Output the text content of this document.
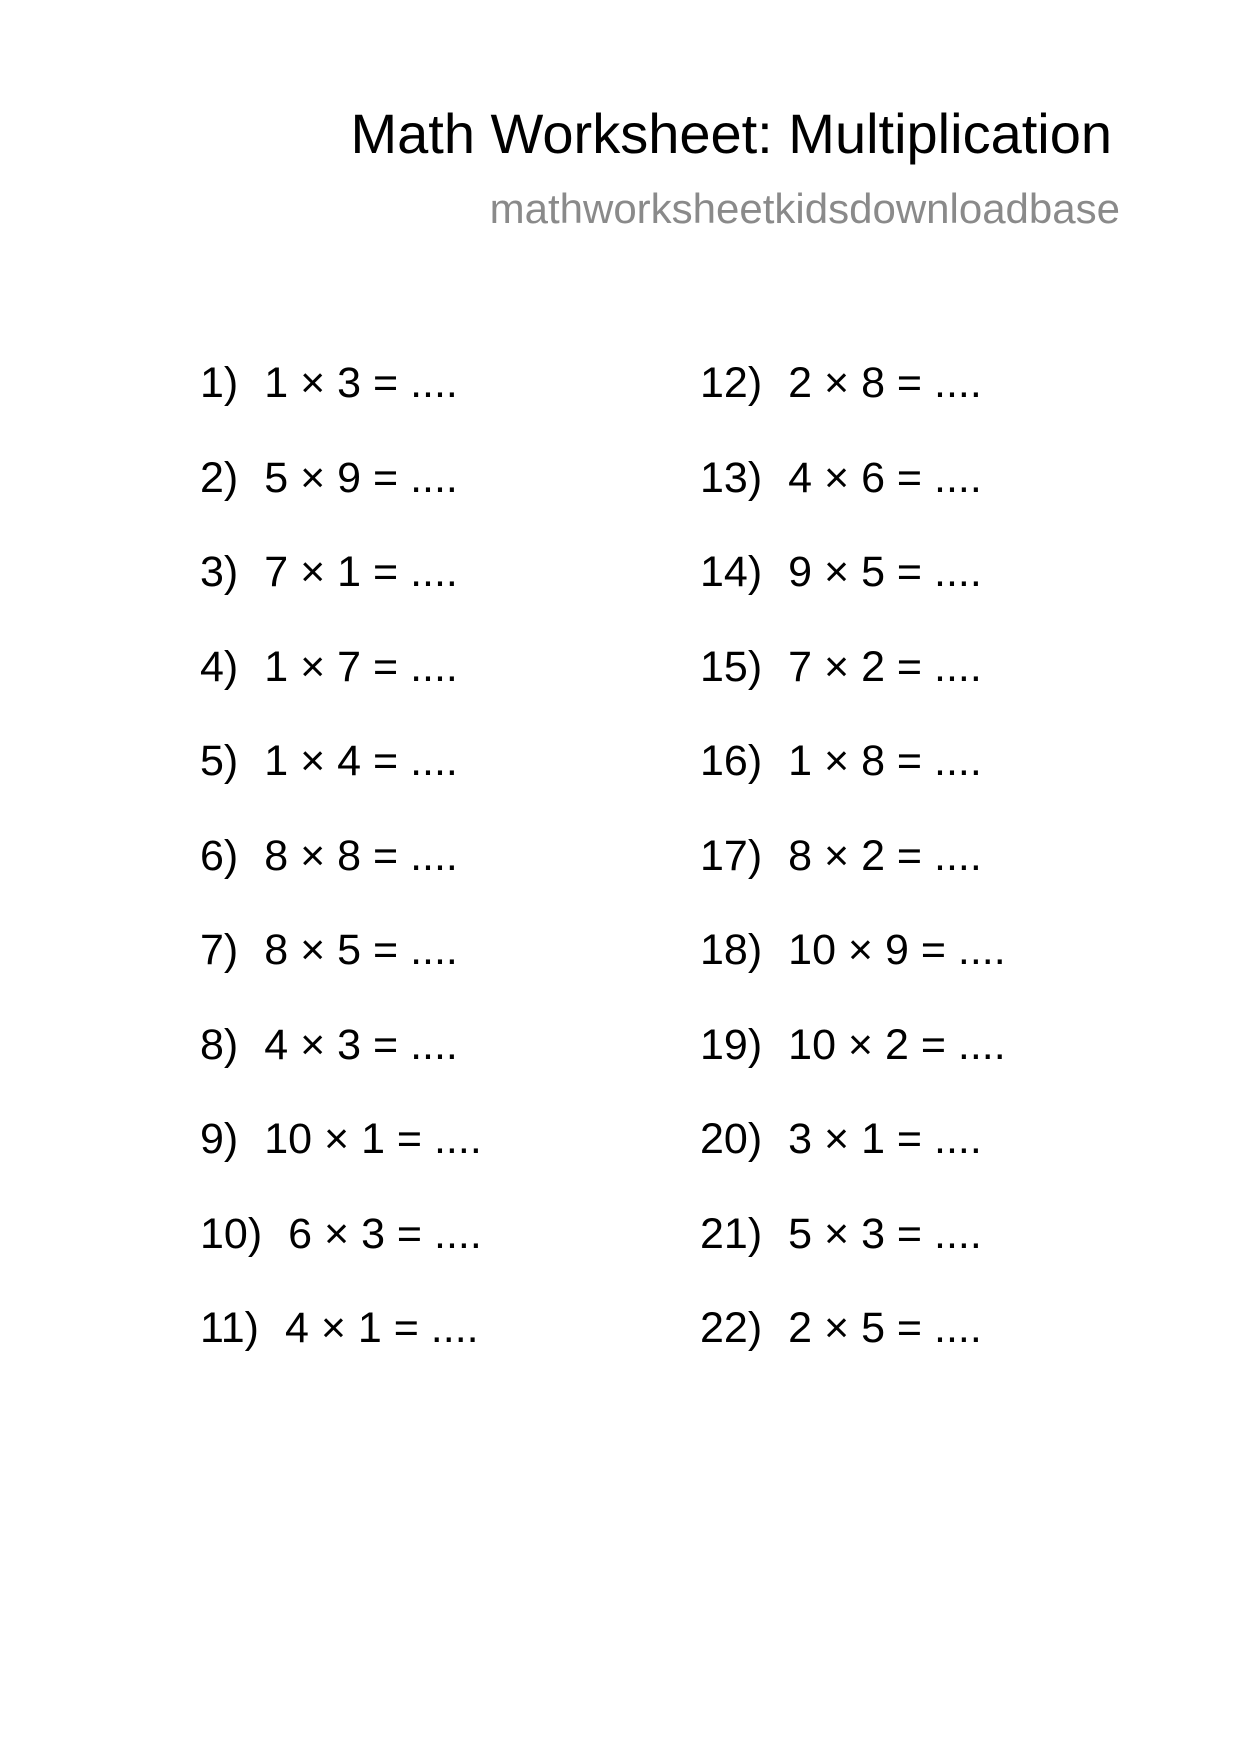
Math Worksheet: Multiplication
mathworksheetkidsdownloadbase
1) 1 × 3 = ....
2) 5 × 9 = ....
3) 7 × 1 = ....
4) 1 × 7 = ....
5) 1 × 4 = ....
6) 8 × 8 = ....
7) 8 × 5 = ....
8) 4 × 3 = ....
9) 10 × 1 = ....
10) 6 × 3 = ....
11) 4 × 1 = ....
12) 2 × 8 = ....
13) 4 × 6 = ....
14) 9 × 5 = ....
15) 7 × 2 = ....
16) 1 × 8 = ....
17) 8 × 2 = ....
18) 10 × 9 = ....
19) 10 × 2 = ....
20) 3 × 1 = ....
21) 5 × 3 = ....
22) 2 × 5 = ....
